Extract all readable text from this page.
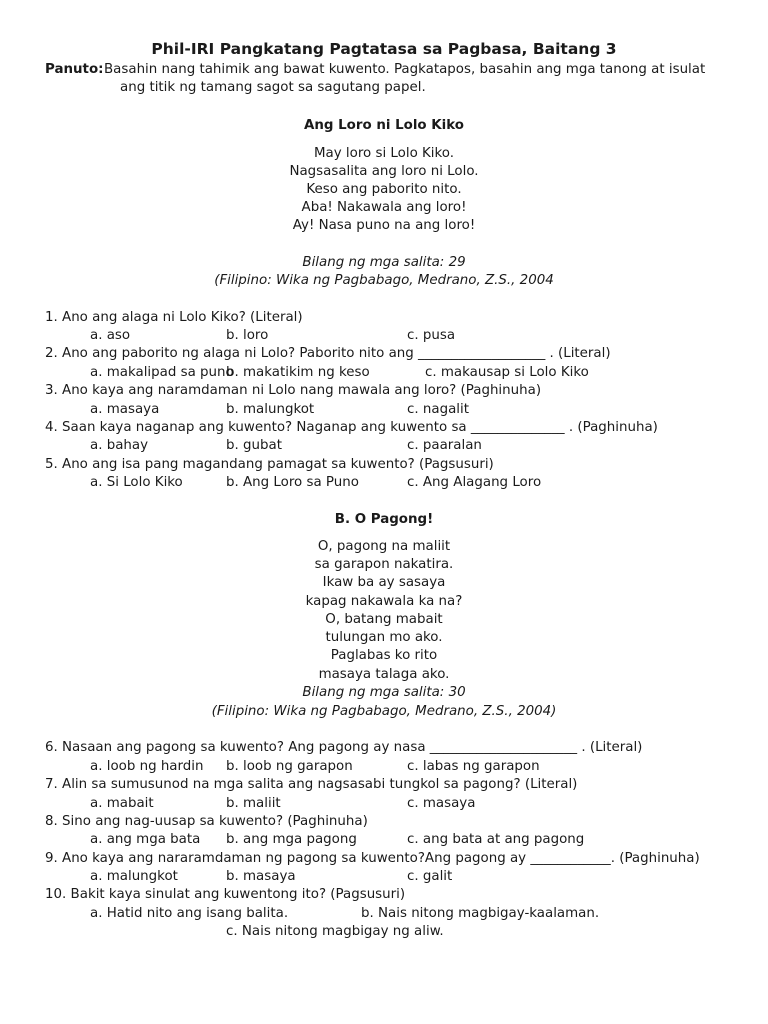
Phil-IRI Pangkatang Pagtatasa sa Pagbasa, Baitang 3
Panuto: Basahin nang tahimik ang bawat kuwento. Pagkatapos, basahin ang mga tanong at isulat
ang titik ng tamang sagot sa sagutang papel.
Ang Loro ni Lolo Kiko
May loro si Lolo Kiko.
Nagsasalita ang loro ni Lolo.
Keso ang paborito nito.
Aba! Nakawala ang loro!
Ay! Nasa puno na ang loro!
Bilang ng mga salita: 29
(Filipino: Wika ng Pagbabago, Medrano, Z.S., 2004
1. Ano ang alaga ni Lolo Kiko? (Literal)
a. aso	b. loro	c. pusa
2. Ano ang paborito ng alaga ni Lolo? Paborito nito ang ___________________ . (Literal)
a. makalipad sa puno
b. makatikim ng keso	c. makausap si Lolo Kiko
3. Ano kaya ang naramdaman ni Lolo nang mawala ang loro? (Paghinuha)
a. masaya	b. malungkot	c. nagalit
4. Saan kaya naganap ang kuwento? Naganap ang kuwento sa ______________ . (Paghinuha)
a. bahay	b. gubat	c. paaralan
5. Ano ang isa pang magandang pamagat sa kuwento? (Pagsusuri)
a. Si Lolo Kiko	b. Ang Loro sa Puno	c. Ang Alagang Loro
B. O Pagong!
O, pagong na maliit
sa garapon nakatira.
Ikaw ba ay sasaya
kapag nakawala ka na?
O, batang mabait
tulungan mo ako.
Paglabas ko rito
masaya talaga ako.
Bilang ng mga salita: 30
(Filipino: Wika ng Pagbabago, Medrano, Z.S., 2004)
6. Nasaan ang pagong sa kuwento? Ang pagong ay nasa ______________________ . (Literal)
a. loob ng hardin b. loob ng garapon	c. labas ng garapon
7. Alin sa sumusunod na mga salita ang nagsasabi tungkol sa pagong? (Literal)
a. mabait	b. maliit	c. masaya
8. Sino ang nag-uusap sa kuwento? (Paghinuha)
a. ang mga bata b. ang mga pagong	c. ang bata at ang pagong
9. Ano kaya ang nararamdaman ng pagong sa kuwento?Ang pagong ay ____________. (Paghinuha)
a. malungkot	b. masaya	c. galit
10. Bakit kaya sinulat ang kuwentong ito? (Pagsusuri)
a. Hatid nito ang isang balita.	b. Nais nitong magbigay-kaalaman.
c. Nais nitong magbigay ng aliw.
